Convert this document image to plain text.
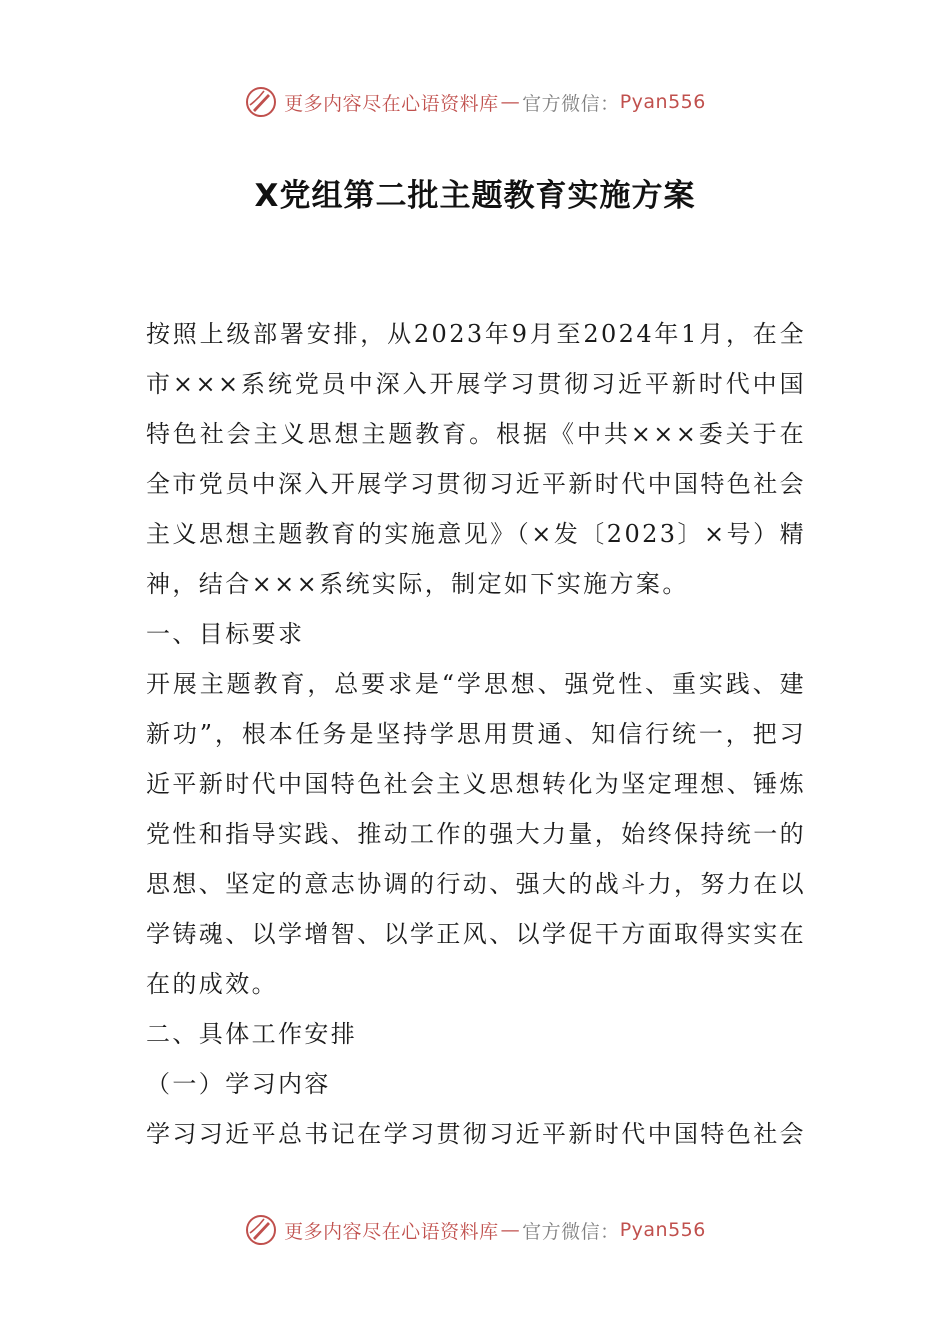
更多内容尽在心语资料库 — 官方微信： Pyan556
X党组第二批主题教育实施方案

按照上级部署安排，从2023年9月至2024年1月，在全市×××系统党员中深入开展学习贯彻习近平新时代中国特色社会主义思想主题教育。根据《中共×××委关于在全市党员中深入开展学习贯彻习近平新时代中国特色社会主义思想主题教育的实施意见》（×发〔2023〕×号）精神，结合×××系统实际，制定如下实施方案。

一、目标要求

开展主题教育，总要求是“学思想、强党性、重实践、建新功”，根本任务是坚持学思用贯通、知信行统一，把习近平新时代中国特色社会主义思想转化为坚定理想、锤炼党性和指导实践、推动工作的强大力量，始终保持统一的思想、坚定的意志协调的行动、强大的战斗力，努力在以学铸魂、以学增智、以学正风、以学促干方面取得实实在在的成效。

二、具体工作安排

（一）学习内容

学习习近平总书记在学习贯彻习近平新时代中国特色社会

更多内容尽在心语资料库 — 官方微信： Pyan556
